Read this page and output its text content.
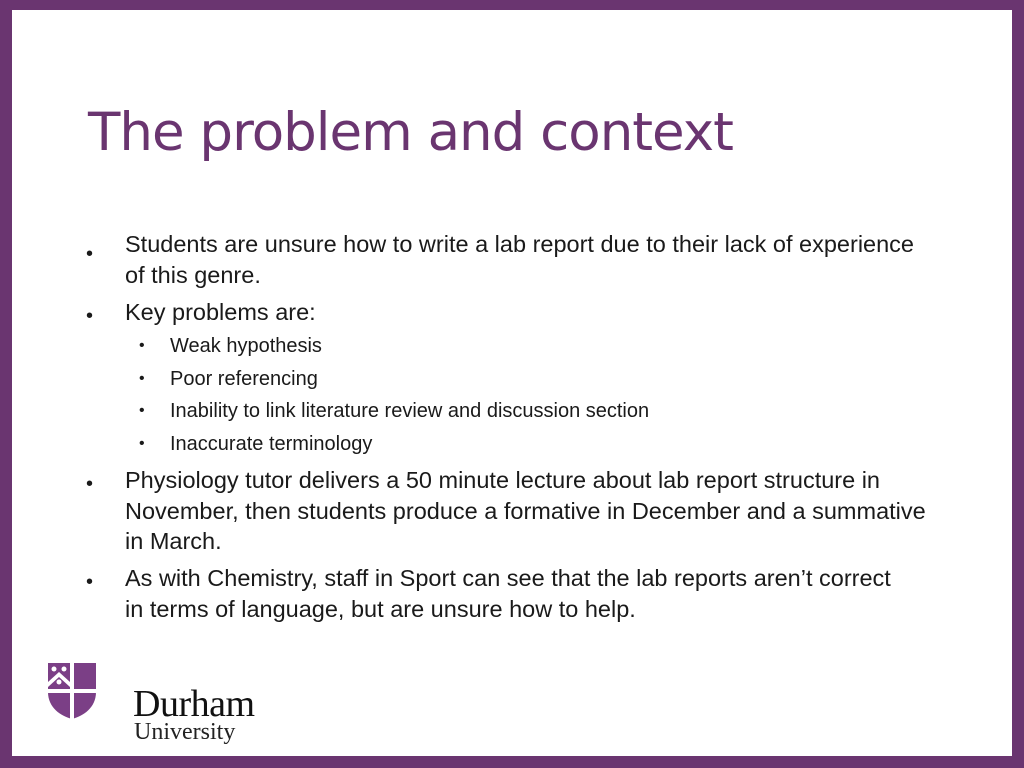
The problem and context
• Students are unsure how to write a lab report due to their lack of experience of this genre.
• Key problems are:
• Weak hypothesis
• Poor referencing
• Inability to link literature review and discussion section
• Inaccurate terminology
• Physiology tutor delivers a 50 minute lecture about lab report structure in November, then students produce a formative in December and a summative in March.
• As with Chemistry, staff in Sport can see that the lab reports aren’t correct in terms of language, but are unsure how to help.
Durham
University
